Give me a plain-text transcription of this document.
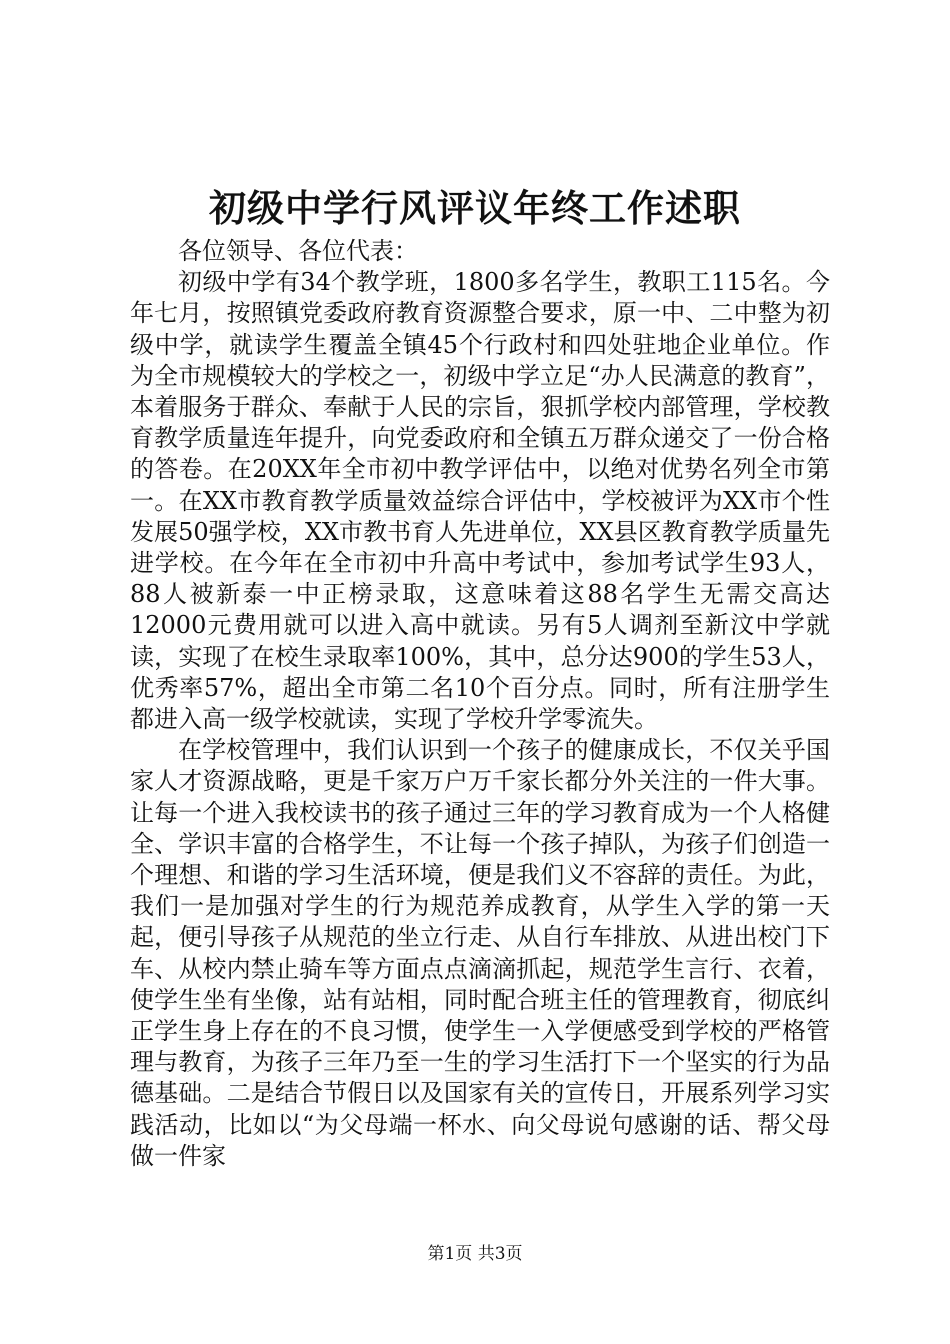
初级中学行风评议年终工作述职

各位领导、各位代表：

初级中学有34个教学班，1800多名学生，教职工115名。今年七月，按照镇党委政府教育资源整合要求，原一中、二中整为初级中学，就读学生覆盖全镇45个行政村和四处驻地企业单位。作为全市规模较大的学校之一，初级中学立足“办人民满意的教育”，本着服务于群众、奉献于人民的宗旨，狠抓学校内部管理，学校教育教学质量连年提升，向党委政府和全镇五万群众递交了一份合格的答卷。在20XX年全市初中教学评估中，以绝对优势名列全市第一。在XX市教育教学质量效益综合评估中，学校被评为XX市个性发展50强学校，XX市教书育人先进单位，XX县区教育教学质量先进学校。在今年在全市初中升高中考试中，参加考试学生93人，88人被新泰一中正榜录取，这意味着这88名学生无需交高达12000元费用就可以进入高中就读。另有5人调剂至新汶中学就读，实现了在校生录取率100%，其中，总分达900的学生53人，优秀率57%，超出全市第二名10个百分点。同时，所有注册学生都进入高一级学校就读，实现了学校升学零流失。

在学校管理中，我们认识到一个孩子的健康成长，不仅关乎国家人才资源战略，更是千家万户万千家长都分外关注的一件大事。让每一个进入我校读书的孩子通过三年的学习教育成为一个人格健全、学识丰富的合格学生，不让每一个孩子掉队，为孩子们创造一个理想、和谐的学习生活环境，便是我们义不容辞的责任。为此，我们一是加强对学生的行为规范养成教育，从学生入学的第一天起，便引导孩子从规范的坐立行走、从自行车排放、从进出校门下车、从校内禁止骑车等方面点点滴滴抓起，规范学生言行、衣着，使学生坐有坐像，站有站相，同时配合班主任的管理教育，彻底纠正学生身上存在的不良习惯，使学生一入学便感受到学校的严格管理与教育，为孩子三年乃至一生的学习生活打下一个坚实的行为品德基础。二是结合节假日以及国家有关的宣传日，开展系列学习实践活动，比如以“为父母端一杯水、向父母说句感谢的话、帮父母做一件家

第1页 共3页
